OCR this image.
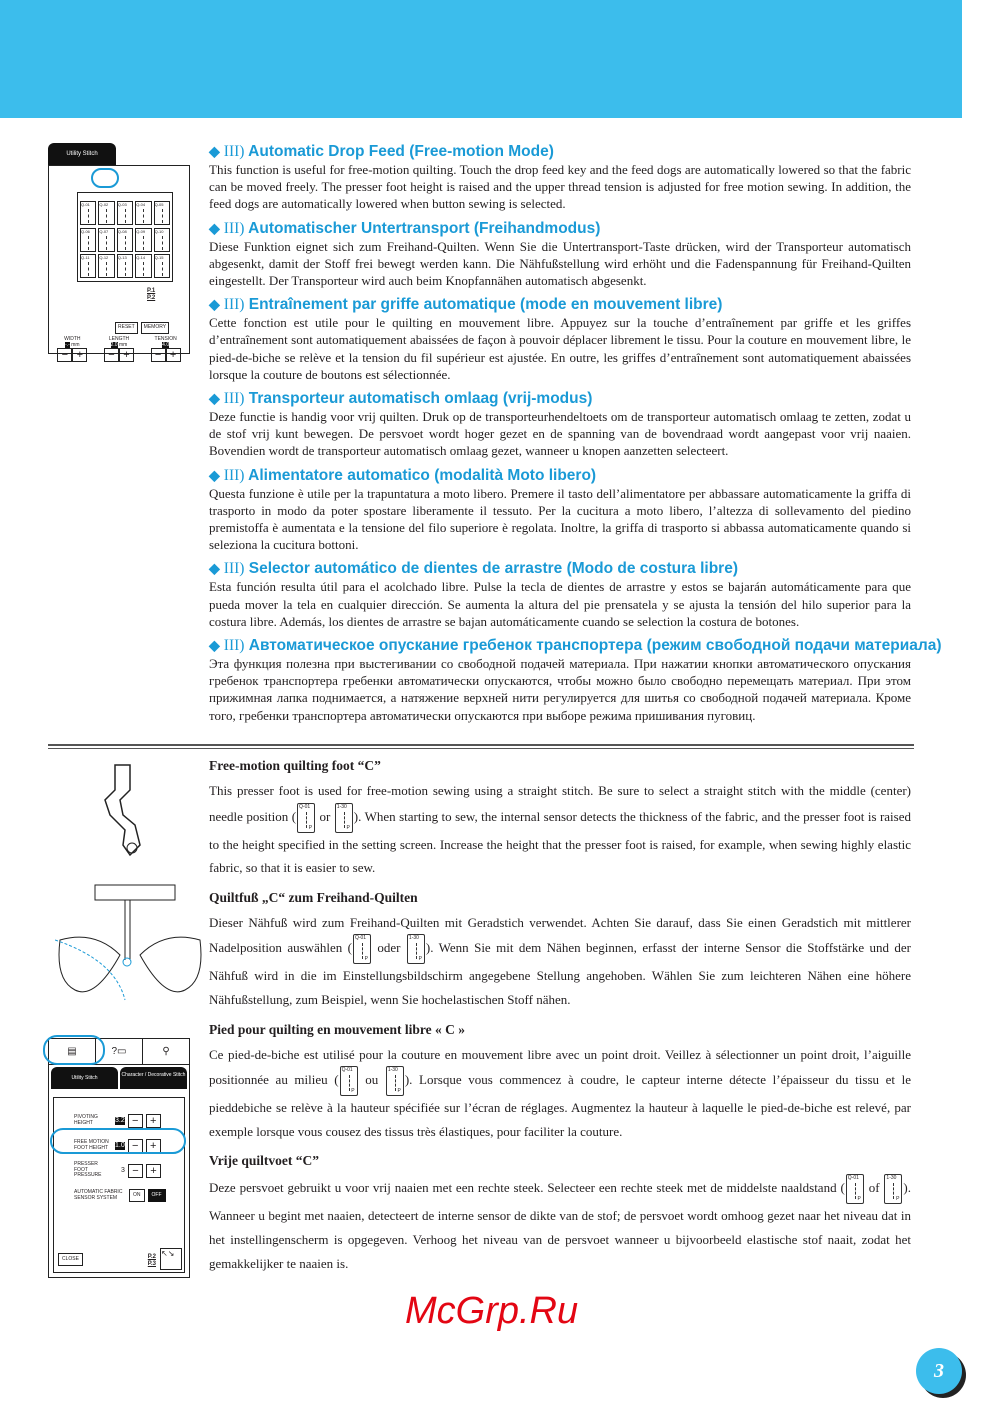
Utility Stitch
Q-01	Q-02	Q-03	Q-04	Q-05
Q-06	Q-07	Q-08	Q-09	Q-10
Q-11	Q-12	Q-13	Q-14	Q-15
P.1
P.2
RESET	MEMORY
WIDTH
-.- mm
− +
LENGTH
2.0 mm
− +
TENSION
4.0
− +
◆ III) Automatic Drop Feed (Free-motion Mode)

This function is useful for free-motion quilting. Touch the drop feed key and the feed dogs are automatically lowered so that the fabric can be moved freely. The presser foot height is raised and the upper thread tension is adjusted for free motion sewing. In addition, the feed dogs are automatically lowered when button sewing is selected.

◆ III) Automatischer Untertransport (Freihandmodus)

Diese Funktion eignet sich zum Freihand-Quilten. Wenn Sie die Untertransport-Taste drücken, wird der Transporteur automatisch abgesenkt, damit der Stoff frei bewegt werden kann. Die Nähfußstellung wird erhöht und die Fadenspannung für Freihand-Quilten eingestellt. Der Transporteur wird auch beim Knopfannähen automatisch abgesenkt.

◆ III) Entraînement par griffe automatique (mode en mouvement libre)

Cette fonction est utile pour le quilting en mouvement libre. Appuyez sur la touche d’entraînement par griffe et les griffes d’entraînement sont automatiquement abaissées de façon à pouvoir déplacer librement le tissu. Pour la couture en mouvement libre, le pied-de-biche se relève et la tension du fil supérieur est ajustée. En outre, les griffes d’entraînement sont automatiquement abaissées lorsque la couture de boutons est sélectionnée.

◆ III) Transporteur automatisch omlaag (vrij-modus)

Deze functie is handig voor vrij quilten. Druk op de transporteurhendeltoets om de transporteur automatisch omlaag te zetten, zodat u de stof vrij kunt bewegen. De persvoet wordt hoger gezet en de spanning van de bovendraad wordt aangepast voor vrij naaien. Bovendien wordt de transporteur automatisch omlaag gezet, wanneer u knopen aanzetten selecteert.

◆ III) Alimentatore automatico (modalità Moto libero)

Questa funzione è utile per la trapuntatura a moto libero. Premere il tasto dell’alimentatore per abbassare automaticamente la griffa di trasporto in modo da poter spostare liberamente il tessuto. Per la cucitura a moto libero, l’altezza di sollevamento del piedino premistoffa è aumentata e la tensione del filo superiore è regolata. Inoltre, la griffa di trasporto si abbassa automaticamente quando si seleziona la cucitura bottoni.

◆ III) Selector automático de dientes de arrastre (Modo de costura libre)

Esta función resulta útil para el acolchado libre. Pulse la tecla de dientes de arrastre y estos se bajarán automáticamente para que pueda mover la tela en cualquier dirección. Se aumenta la altura del pie prensatela y se ajusta la tensión del hilo superior para la costura libre. Además, los dientes de arrastre se bajan automáticamente cuando se selection la costura de botones.

◆ III) Автоматическое опускание гребенок транспортера (режим свободной подачи материала)

Эта функция полезна при выстегивании со свободной подачей материала. При нажатии кнопки автоматического опускания гребенок транспортера гребенки автоматически опускаются, чтобы можно было свободно перемещать материал. При этом прижимная лапка поднимается, а натяжение верхней нити регулируется для шитья со свободной подачей материала. Кроме того, гребенки транспортера автоматически опускаются при выборе режима пришивания пуговиц.

▤	?▭	⚲
Utility Stitch	Character / Decorative Stitch
PIVOTING HEIGHT	3.2 −	+
FREE MOTION FOOT HEIGHT 1.0 −	+
PRESSER FOOT PRESSURE
3 −	+
AUTOMATIC FABRIC SENSOR SYSTEM	ON	OFF
CLOSE	P.2
P.3
↖↘
Free-motion quilting foot “C”

This presser foot is used for free-motion sewing using a straight stitch. Be sure to select a straight stitch with the middle (center) needle position (
Q-01
P
or
1-30
P
). When starting to sew, the internal sensor detects the thickness of the fabric, and the presser foot is raised to the height specified in the setting screen. Increase the height that the presser foot is raised, for example, when sewing highly elastic fabric, so that it is easier to sew.

Quiltfuß „C“ zum Freihand-Quilten

Dieser Nähfuß wird zum Freihand-Quilten mit Geradstich verwendet. Achten Sie darauf, dass Sie einen Geradstich mit mittlerer Nadelposition auswählen (
Q-01
P
oder
1-30
P
). Wenn Sie mit dem Nähen beginnen, erfasst der interne Sensor die Stoffstärke und der Nähfuß wird in die im Einstellungsbildschirm angegebene Stellung angehoben. Wählen Sie zum leichteren Nähen eine höhere Nähfußstellung, zum Beispiel, wenn Sie hochelastischen Stoff nähen.

Pied pour quilting en mouvement libre « C »

Ce pied-de-biche est utilisé pour la couture en mouvement libre avec un point droit. Veillez à sélectionner un point droit, l’aiguille positionnée au milieu (
Q-01
P
ou
1-30
P
). Lorsque vous commencez à coudre, le capteur interne détecte l’épaisseur du tissu et le pieddebiche se relève à la hauteur spécifiée sur l’écran de réglages. Augmentez la hauteur à laquelle le pied-de-biche est relevé, par exemple lorsque vous cousez des tissus très élastiques, pour faciliter la couture.

Vrije quiltvoet “C”

Deze persvoet gebruikt u voor vrij naaien met een rechte steek. Selecteer een rechte steek met de middelste naaldstand (
Q-01
P
of
1-30
P
). Wanneer u begint met naaien, detecteert de interne sensor de dikte van de stof; de persvoet wordt omhoog gezet naar het niveau dat in het instellingenscherm is opgegeven. Verhoog het niveau van de persvoet wanneer u bijvoorbeeld elastische stof naait, zodat het gemakkelijker te naaien is.

McGrp.Ru
3
